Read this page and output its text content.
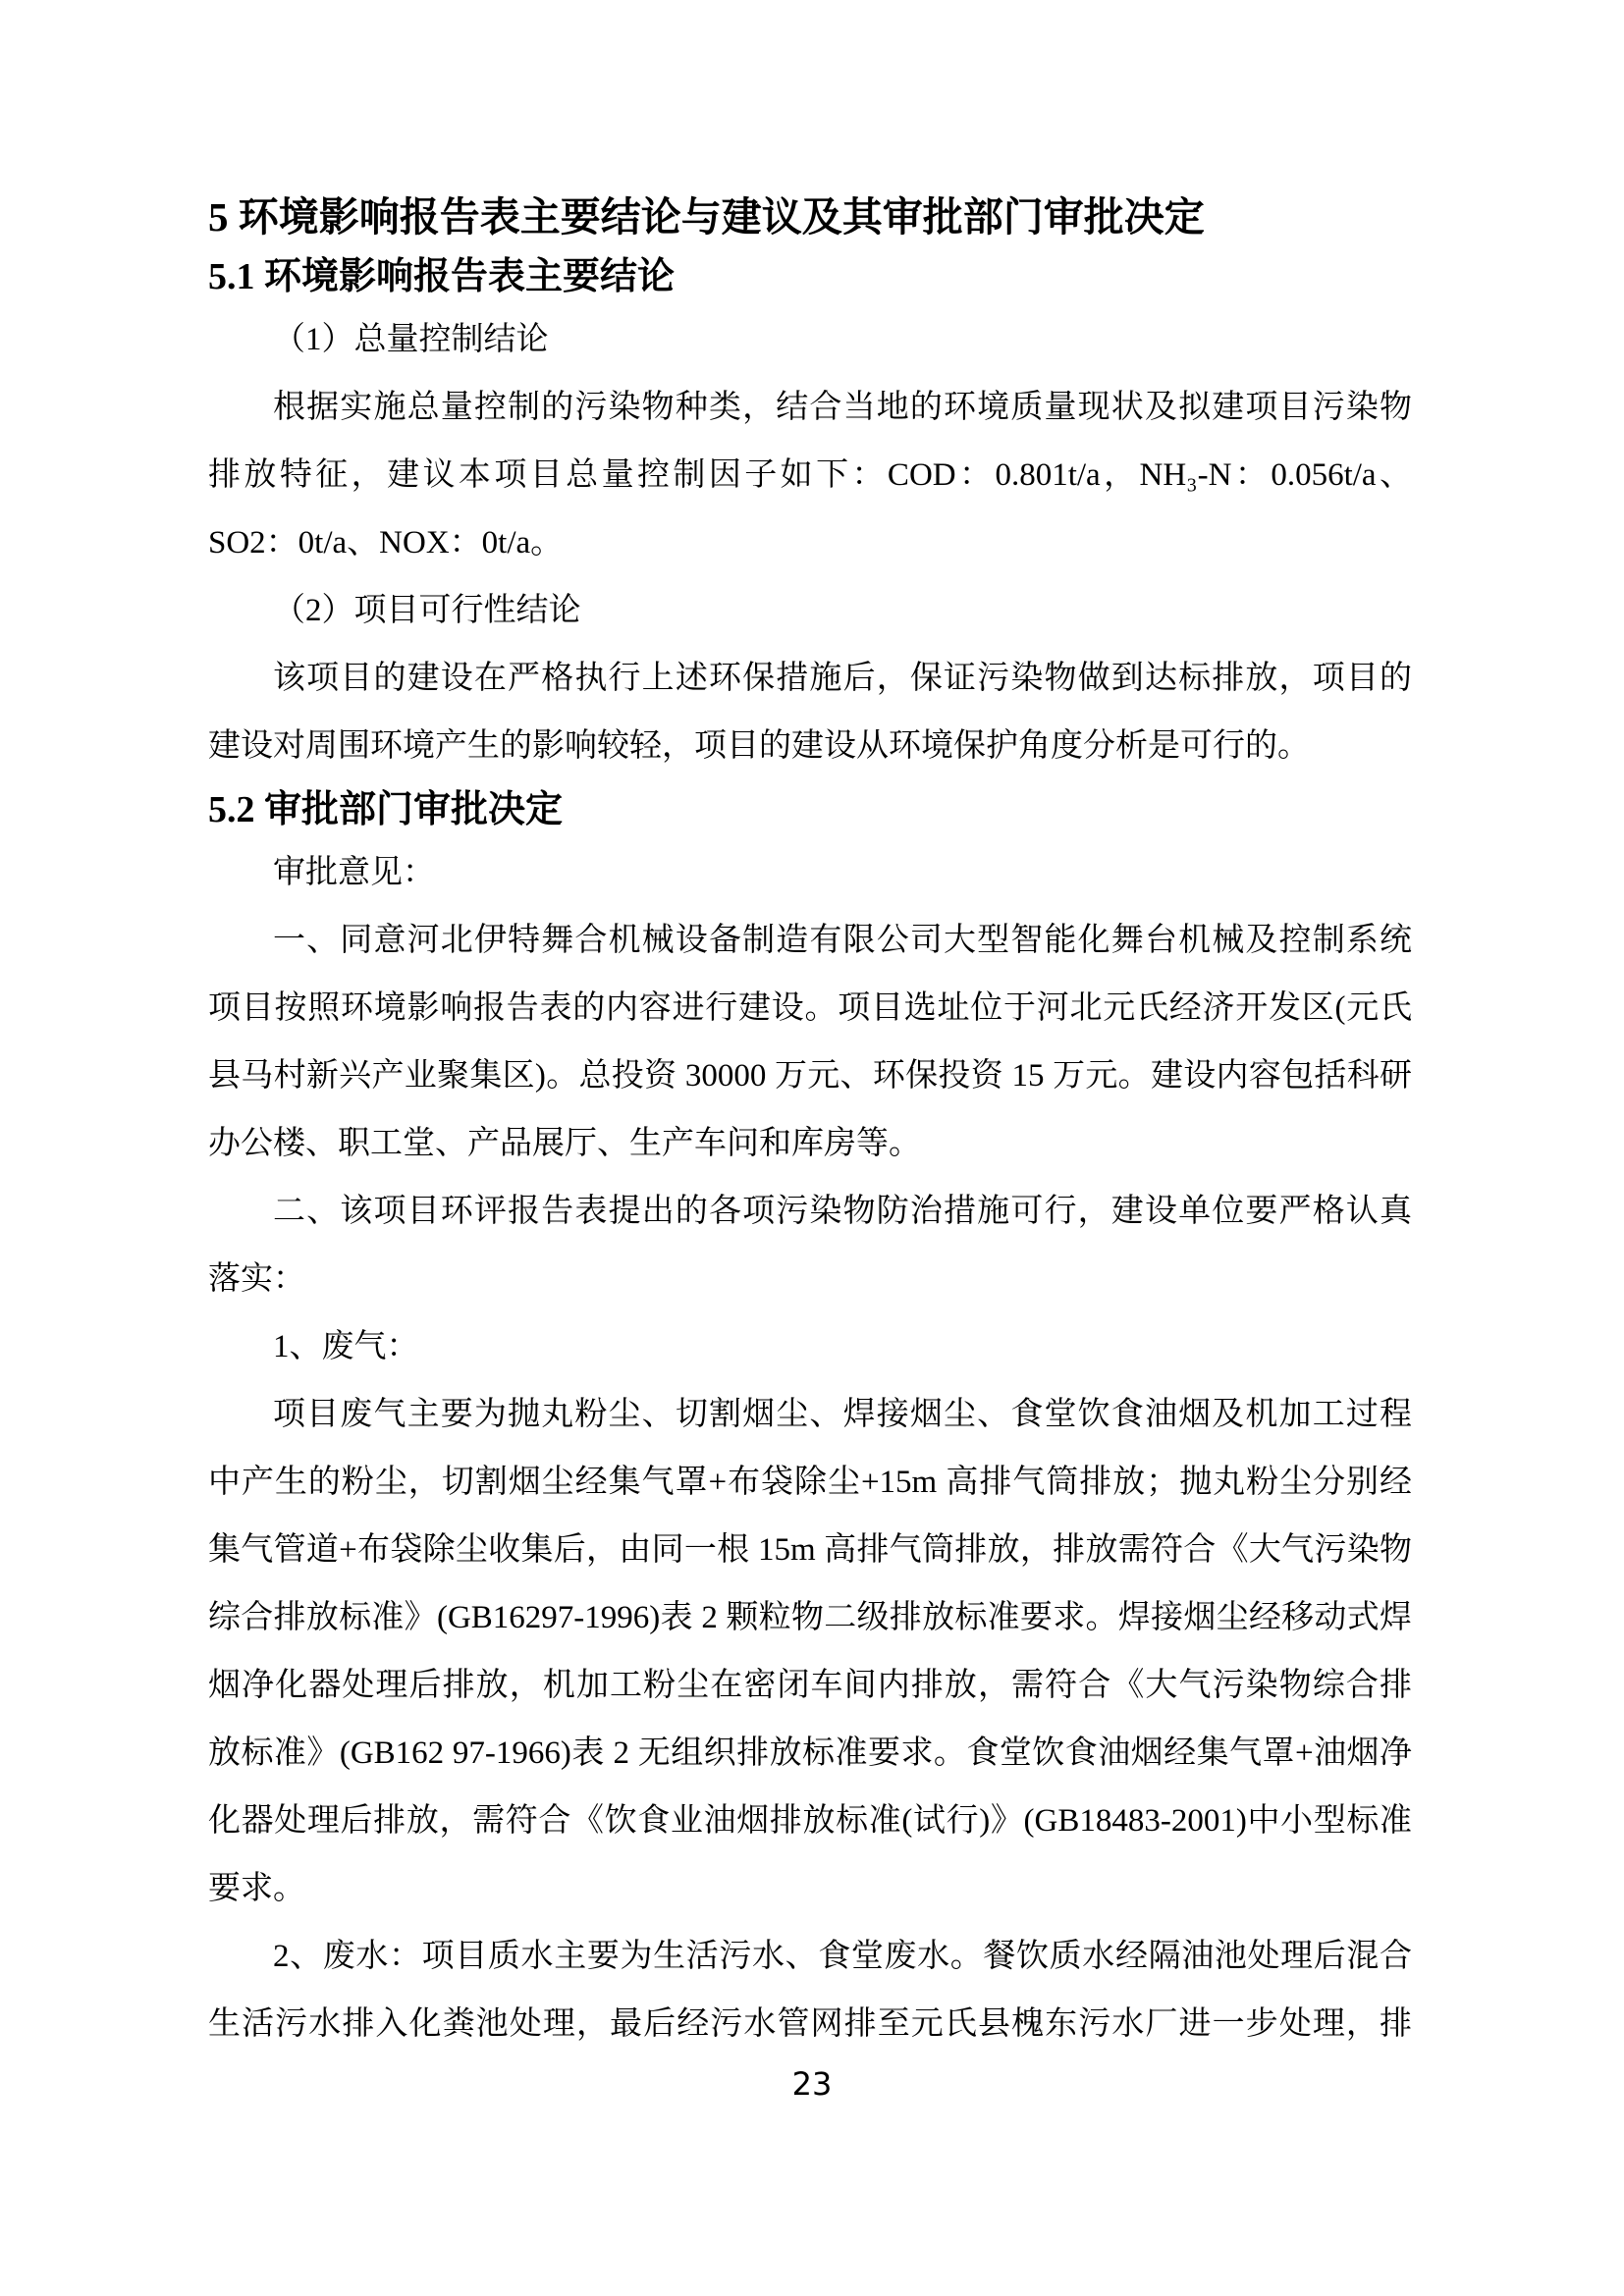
5 环境影响报告表主要结论与建议及其审批部门审批决定
5.1 环境影响报告表主要结论
（1）总量控制结论
根据实施总量控制的污染物种类，结合当地的环境质量现状及拟建项目污染物
排放特征，建议本项目总量控制因子如下：COD：0.801t/a，NH₃-N：0.056t/a、
SO2：0t/a、NOX：0t/a。
（2）项目可行性结论
该项目的建设在严格执行上述环保措施后，保证污染物做到达标排放，项目的
建设对周围环境产生的影响较轻，项目的建设从环境保护角度分析是可行的。
5.2 审批部门审批决定
审批意见：
一、同意河北伊特舞合机械设备制造有限公司大型智能化舞台机械及控制系统
项目按照环境影响报告表的内容进行建设。项目选址位于河北元氏经济开发区(元氏
县马村新兴产业聚集区)。总投资 30000 万元、环保投资 15 万元。建设内容包括科研
办公楼、职工堂、产品展厅、生产车问和库房等。
二、该项目环评报告表提出的各项污染物防治措施可行，建设单位要严格认真
落实：
1、废气：
项目废气主要为抛丸粉尘、切割烟尘、焊接烟尘、食堂饮食油烟及机加工过程
中产生的粉尘，切割烟尘经集气罩+布袋除尘+15m 高排气筒排放；抛丸粉尘分别经
集气管道+布袋除尘收集后，由同一根 15m 高排气筒排放，排放需符合《大气污染物
综合排放标准》(GB16297-1996)表 2 颗粒物二级排放标准要求。焊接烟尘经移动式焊
烟净化器处理后排放，机加工粉尘在密闭车间内排放，需符合《大气污染物综合排
放标准》(GB162 97-1966)表 2 无组织排放标准要求。食堂饮食油烟经集气罩+油烟净
化器处理后排放，需符合《饮食业油烟排放标准(试行)》(GB18483-2001)中小型标准
要求。
2、废水：项目质水主要为生活污水、食堂废水。餐饮质水经隔油池处理后混合
生活污水排入化粪池处理，最后经污水管网排至元氏县槐东污水厂进一步处理，排
23
